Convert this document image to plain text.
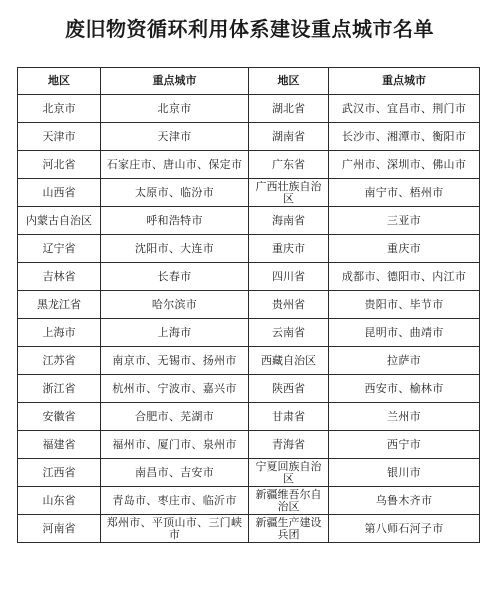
废旧物资循环利用体系建设重点城市名单
地区	重点城市	地区	重点城市
北京市	北京市	湖北省	武汉市、宜昌市、荆门市
天津市	天津市	湖南省	长沙市、湘潭市、衡阳市
河北省	石家庄市、唐山市、保定市	广东省	广州市、深圳市、佛山市
山西省	太原市、临汾市	广西壮族自治区	南宁市、梧州市
内蒙古自治区	呼和浩特市	海南省	三亚市
辽宁省	沈阳市、大连市	重庆市	重庆市
吉林省	长春市	四川省	成都市、德阳市、内江市
黑龙江省	哈尔滨市	贵州省	贵阳市、毕节市
上海市	上海市	云南省	昆明市、曲靖市
江苏省	南京市、无锡市、扬州市	西藏自治区	拉萨市
浙江省	杭州市、宁波市、嘉兴市	陕西省	西安市、榆林市
安徽省	合肥市、芜湖市	甘肃省	兰州市
福建省	福州市、厦门市、泉州市	青海省	西宁市
江西省	南昌市、吉安市	宁夏回族自治区	银川市
山东省	青岛市、枣庄市、临沂市	新疆维吾尔自治区	乌鲁木齐市
河南省	郑州市、平顶山市、三门峡市	新疆生产建设兵团	第八师石河子市
